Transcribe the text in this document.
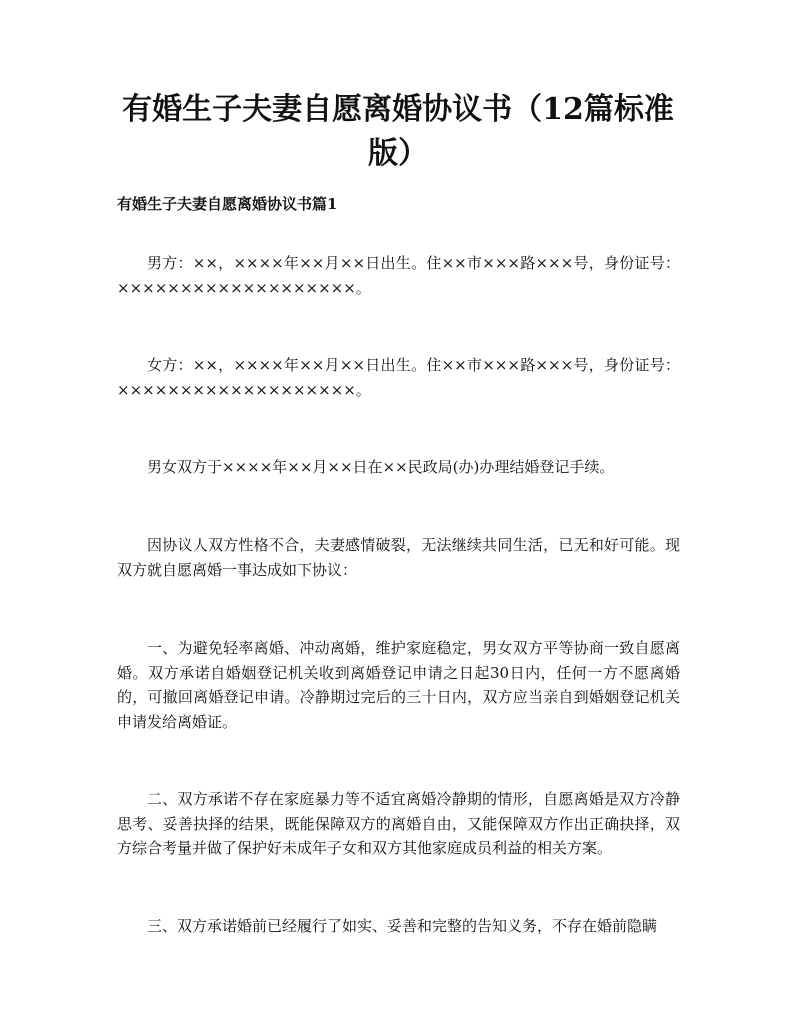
有婚生子夫妻自愿离婚协议书（12篇标准版）
有婚生子夫妻自愿离婚协议书篇1

男方：××，××××年××月××日出生。住××市×××路×××号，身份证号：×××××××××××××××××××。

女方：××，××××年××月××日出生。住××市×××路×××号，身份证号：×××××××××××××××××××。

男女双方于××××年××月××日在××民政局(办)办理结婚登记手续。

因协议人双方性格不合，夫妻感情破裂，无法继续共同生活，已无和好可能。现双方就自愿离婚一事达成如下协议：

一、为避免轻率离婚、冲动离婚，维护家庭稳定，男女双方平等协商一致自愿离婚。双方承诺自婚姻登记机关收到离婚登记申请之日起30日内，任何一方不愿离婚的，可撤回离婚登记申请。冷静期过完后的三十日内，双方应当亲自到婚姻登记机关申请发给离婚证。

二、双方承诺不存在家庭暴力等不适宜离婚冷静期的情形，自愿离婚是双方冷静思考、妥善抉择的结果，既能保障双方的离婚自由，又能保障双方作出正确抉择，双方综合考量并做了保护好未成年子女和双方其他家庭成员利益的相关方案。

三、双方承诺婚前已经履行了如实、妥善和完整的告知义务，不存在婚前隐瞒
